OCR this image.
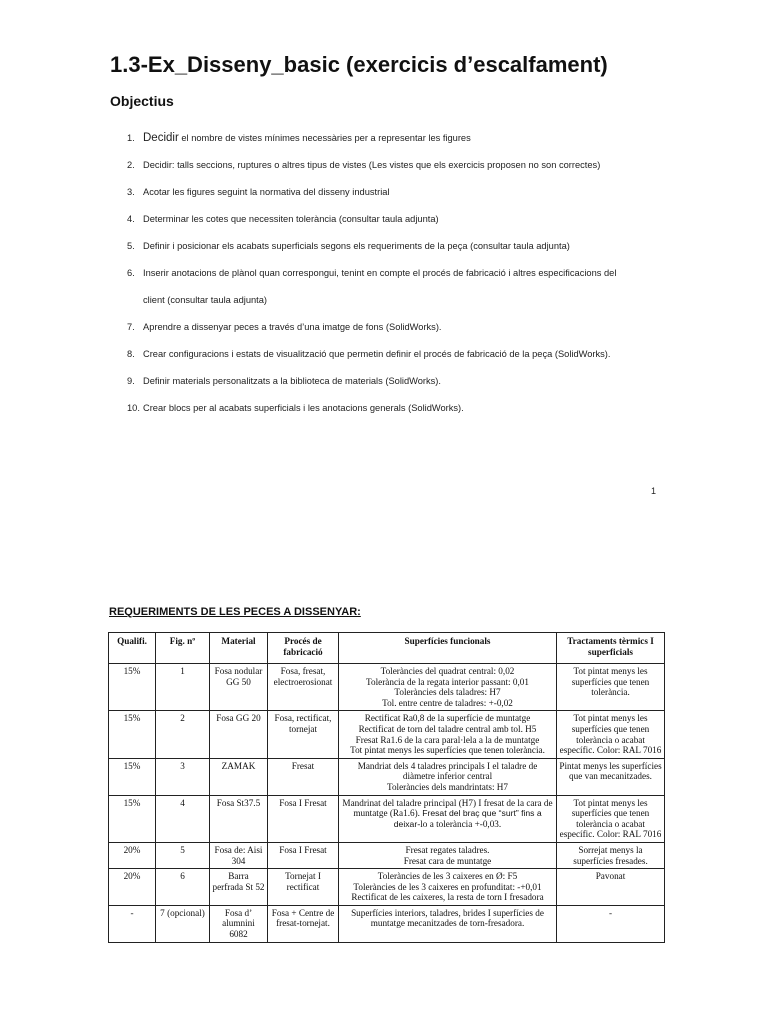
1.3-Ex_Disseny_basic (exercicis d’escalfament)
Objectius
1. Decidir el nombre de vistes mínimes necessàries per a representar les figures
2. Decidir: talls seccions, ruptures o altres tipus de vistes (Les vistes que els exercicis proposen no son correctes)
3. Acotar les figures seguint la normativa del disseny industrial
4. Determinar les cotes que necessiten tolerància (consultar taula adjunta)
5. Definir i posicionar els acabats superficials segons els requeriments de la peça (consultar taula adjunta)
6. Inserir anotacions de plànol quan correspongui, tenint en compte el procés de fabricació i altres especificacions del
client (consultar taula adjunta)
7. Aprendre a dissenyar peces a través d’una imatge de fons (SolidWorks).
8. Crear configuracions i estats de visualització que permetin definir el procés de fabricació de la peça (SolidWorks).
9. Definir materials personalitzats a la biblioteca de materials (SolidWorks).
10. Crear blocs per al acabats superficials i les anotacions generals (SolidWorks).
1

REQUERIMENTS DE LES PECES A DISSENYAR:

Qualifi.	Fig. nº	Material	Procés de fabricació	Superfícies funcionals	Tractaments tèrmics I superficials
15%	1	Fosa nodular GG 50	Fosa, fresat, electroerosionat	Toleràncies del quadrat central: 0,02
Tolerància de la regata interior passant: 0,01
Toleràncies dels taladres: H7
Tol. entre centre de taladres: +-0,02	Tot pintat menys les superfícies que tenen tolerància.
15%	2	Fosa GG 20	Fosa, rectificat, tornejat	Rectificat Ra0,8 de la superfície de muntatge
Rectificat de torn del taladre central amb tol. H5
Fresat Ra1.6 de la cara paral·lela a la de muntatge
Tot pintat menys les superfícies que tenen tolerància.	Tot pintat menys les superfícies que tenen tolerància o acabat específic. Color: RAL 7016
15%	3	ZAMAK	Fresat	Mandriat dels 4 taladres principals I el taladre de diàmetre inferior central
Toleràncies dels mandrintats: H7	Pintat menys les superfícies que van mecanitzades.
15%	4	Fosa St37.5	Fosa I Fresat	Mandrinat del taladre principal (H7) I fresat de la cara de muntatge (Ra1.6). Fresat del braç que “surt” fins a deixar-lo a tolerància +-0,03.	Tot pintat menys les superfícies que tenen tolerància o acabat específic. Color: RAL 7016
20%	5	Fosa de: Aisi 304	Fosa I Fresat	Fresat regates taladres.
Fresat cara de muntatge	Sorrejat menys la superfícies fresades.
20%	6	Barra perfrada St 52	Tornejat I rectificat	Toleràncies de les 3 caixeres en Ø: F5
Toleràncies de les 3 caixeres en profunditat: -+0,01
Rectificat de les caixeres, la resta de torn I fresadora	Pavonat
-	7 (opcional)	Fosa d’ alumnini 6082	Fosa + Centre de fresat-tornejat.	Superfícies interiors, taladres, brides I superfícies de muntatge mecanitzades de torn-fresadora.	-
